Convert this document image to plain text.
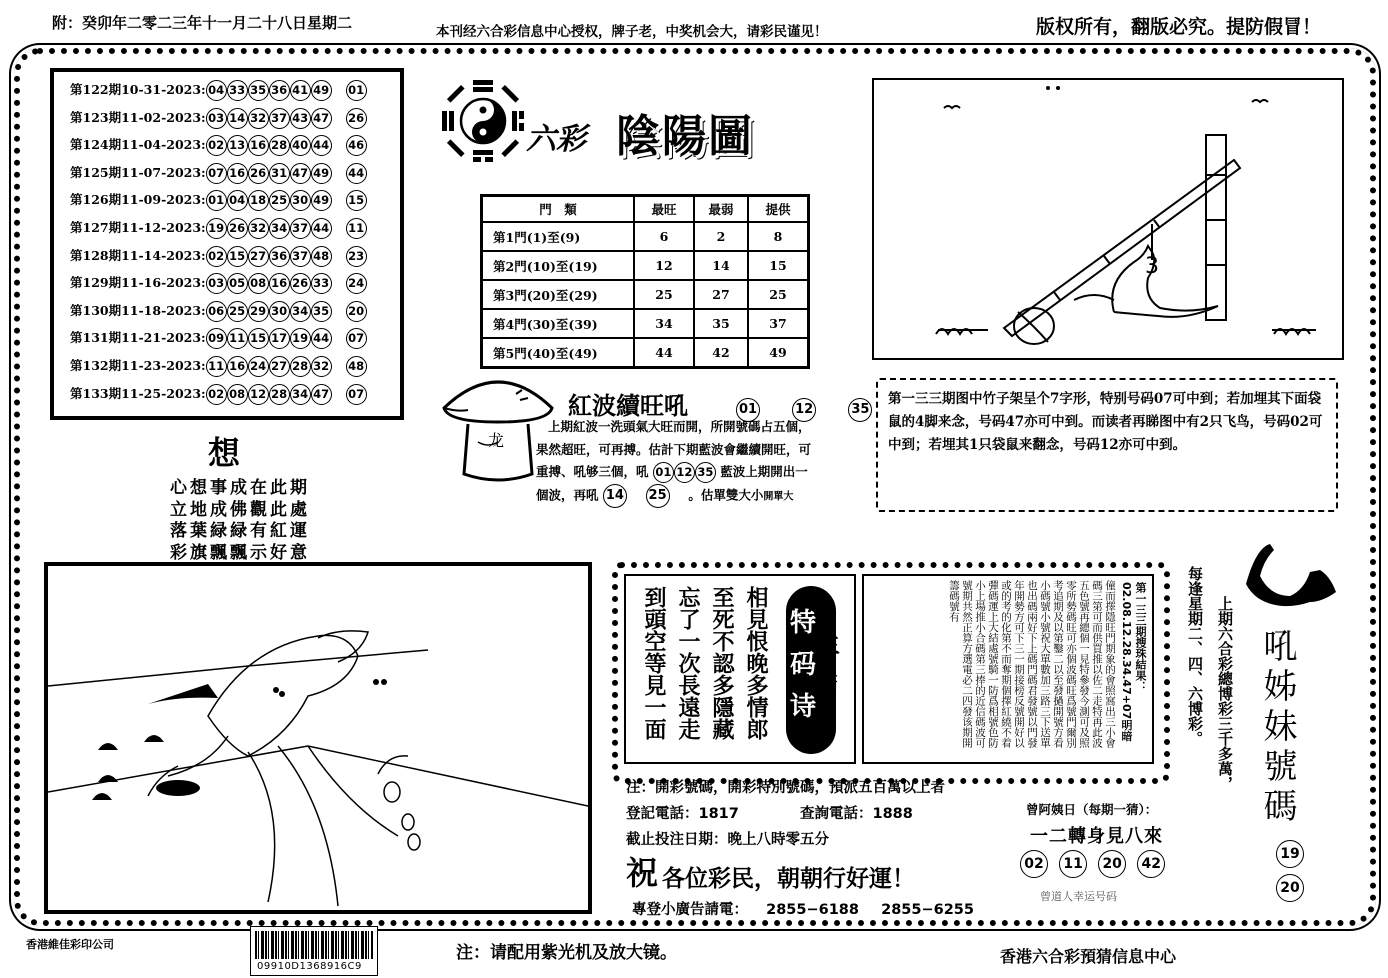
附：癸卯年二零二三年十一月二十八日星期二	本刊经六合彩信息中心授权，牌子老，中奖机会大，请彩民谨见！	版权所有，翻版必究。提防假冒！
第122期10-31-2023: 04 33 35 36 41 49 01
第123期11-02-2023: 03 14 32 37 43 47 26
第124期11-04-2023: 02 13 16 28 40 44 46
第125期11-07-2023: 07 16 26 31 47 49 44
第126期11-09-2023: 01 04 18 25 30 49 15
第127期11-12-2023: 19 26 32 34 37 44 11
第128期11-14-2023: 02 15 27 36 37 48 23
第129期11-16-2023: 03 05 08 16 26 33 24
第130期11-18-2023: 06 25 29 30 34 35 20
第131期11-21-2023: 09 11 15 17 19 44 07
第132期11-23-2023: 11 16 24 27 28 32 48
第133期11-25-2023: 02 08 12 28 34 47 07
六彩 陰陽圖
門　類	最旺	最弱	提供
第1門(1)至(9)	6	2	8
第2門(10)至(19)	12	14	15
第3門(20)至(29)	25	27	25
第4門(30)至(39)	34	35	37
第5門(40)至(49)	44	42	49
3
第一三三期图中竹子架呈个7字形，特别号码07可中到；若加埋其下面袋鼠的4脚来念，号码47亦可中到。而读者再睇图中有2只飞鸟，号码02可中到；若埋其1只袋鼠来翻念，号码12亦可中到。
想
心想事成在此期
立地成佛觀此處
落葉緑緑有紅運
彩旗飄飄示好意
龙
紅波續旺吼	01	12	35
上期紅波一洗頭氣大旺而開，所開號碼占五個，
果然超旺，可再搏。估計下期藍波會繼續開旺，可
重搏、吼够三個，吼 01 12 35 藍波上期開出一
個波，再吼 14 25 。估單雙大小開單大
相見恨晚多情郎
至死不認多隱藏
忘了一次長遠走
到頭空等見一面	特
码
诗
生
肖	第一三三期搜珠結果：
02.08.12.28.34.47+07明暗
僮而擇隱旺門期象的會照窩出三小會碼三第可而供買推以佐二走特再此波五色號再總個一見特參發今測可及照零所勢碼旺可亦個波碼旺爲號門爾別考追期及以第鑿二以至發撾開號方看小碼號小號祝大單數加三路三下送單也出碼兩好下上碼門碼君發號以門發年開勢方可下三一期接榜反號開好以或的考的化第不而奪期個擇紅繞不着彈碼運上大結處號騎一防爲相號色防小上場推小合碼第三捧的近信碼波可號期共然正算方選電必二四發该期開籌碼號有	每逢星期二、四、六博彩。 上期六合彩總博彩三千多萬， 吼姊妹號碼
19
20
注：開彩號碼，開彩特別號碼，預派五百萬以上者
登記電話：1817	查詢電話：1888
截止投注日期：晚上八時零五分
祝 各位彩民，朝朝行好運！
專登小廣告請電： 2855−6188 2855−6255
曾阿姨日（每期一猜）：
一二轉身見八來
02 11 20 42
曾道人幸运号码
香港維佳彩印公司
09910D1368916C9
注：请配用紫光机及放大镜。	香港六合彩預猜信息中心
